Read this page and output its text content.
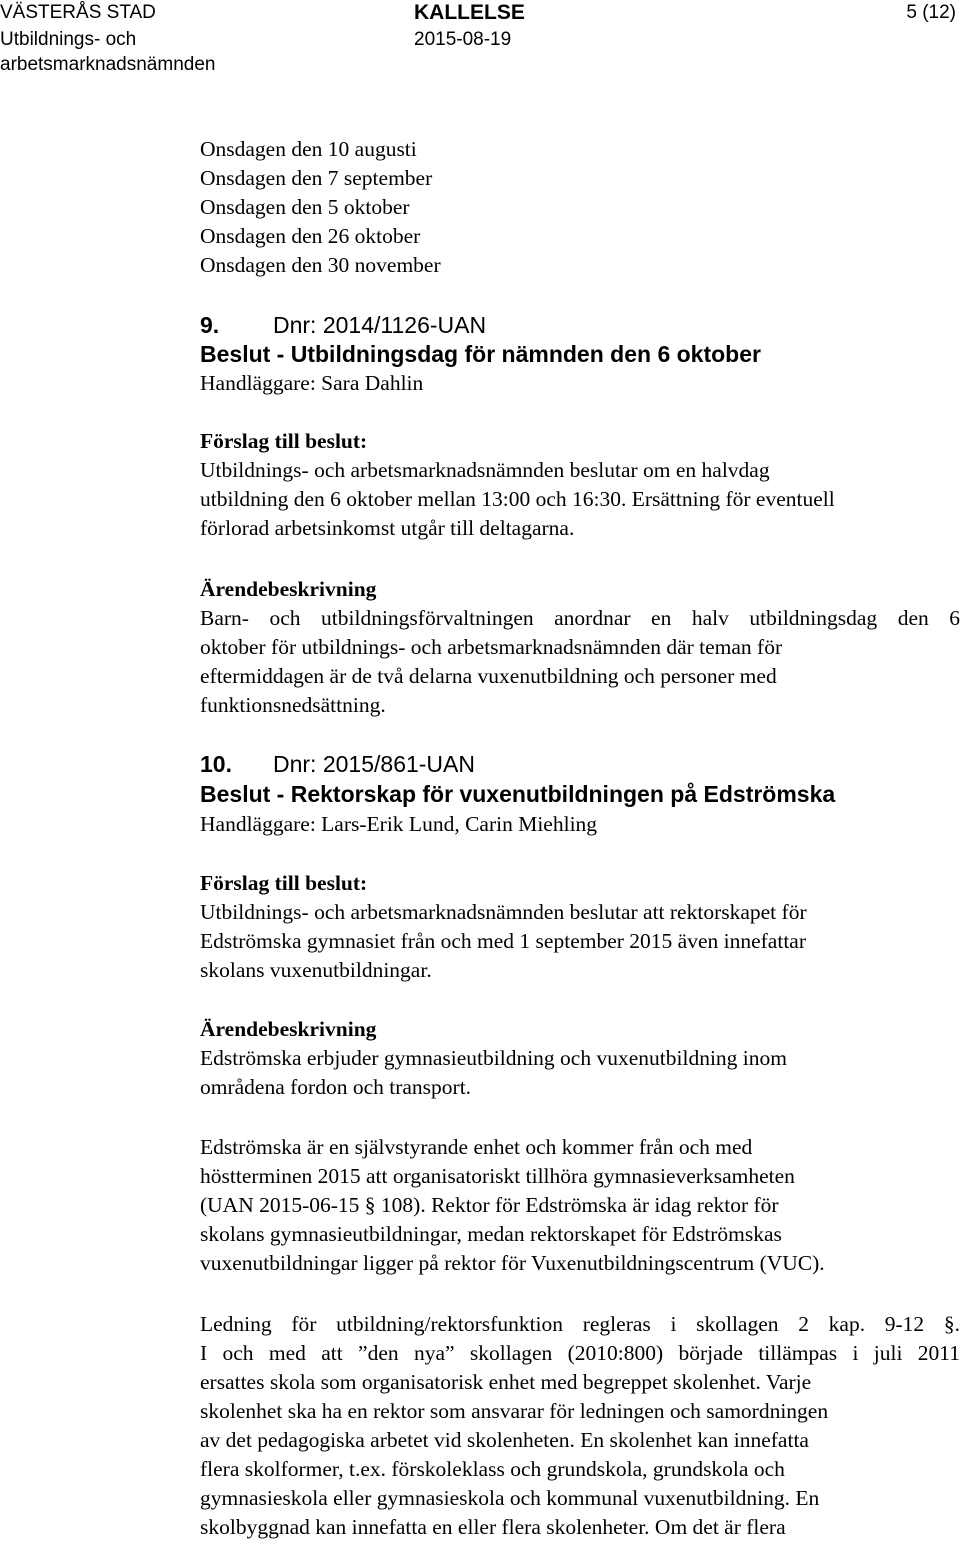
VÄSTERÅS STAD
Utbildnings- och
arbetsmarknadsnämnden
KALLELSE
2015-08-19
5 (12)
Onsdagen den 10 augusti
Onsdagen den 7 september
Onsdagen den 5 oktober
Onsdagen den 26 oktober
Onsdagen den 30 november
9. Dnr: 2014/1126-UAN
Beslut - Utbildningsdag för nämnden den 6 oktober
Handläggare: Sara Dahlin
Förslag till beslut:
Utbildnings- och arbetsmarknadsnämnden beslutar om en halvdag
utbildning den 6 oktober mellan 13:00 och 16:30. Ersättning för eventuell
förlorad arbetsinkomst utgår till deltagarna.
Ärendebeskrivning
Barn- och utbildningsförvaltningen anordnar en halv utbildningsdag den 6
oktober för utbildnings- och arbetsmarknadsnämnden där teman för
eftermiddagen är de två delarna vuxenutbildning och personer med
funktionsnedsättning.
10. Dnr: 2015/861-UAN
Beslut - Rektorskap för vuxenutbildningen på Edströmska
Handläggare: Lars-Erik Lund, Carin Miehling
Förslag till beslut:
Utbildnings- och arbetsmarknadsnämnden beslutar att rektorskapet för
Edströmska gymnasiet från och med 1 september 2015 även innefattar
skolans vuxenutbildningar.
Ärendebeskrivning
Edströmska erbjuder gymnasieutbildning och vuxenutbildning inom
områdena fordon och transport.
Edströmska är en självstyrande enhet och kommer från och med
höstterminen 2015 att organisatoriskt tillhöra gymnasieverksamheten
(UAN 2015-06-15 § 108). Rektor för Edströmska är idag rektor för
skolans gymnasieutbildningar, medan rektorskapet för Edströmskas
vuxenutbildningar ligger på rektor för Vuxenutbildningscentrum (VUC).
Ledning för utbildning/rektorsfunktion regleras i skollagen 2 kap. 9-12 §.
I och med att ”den nya” skollagen (2010:800) började tillämpas i juli 2011
ersattes skola som organisatorisk enhet med begreppet skolenhet. Varje
skolenhet ska ha en rektor som ansvarar för ledningen och samordningen
av det pedagogiska arbetet vid skolenheten. En skolenhet kan innefatta
flera skolformer, t.ex. förskoleklass och grundskola, grundskola och
gymnasieskola eller gymnasieskola och kommunal vuxenutbildning. En
skolbyggnad kan innefatta en eller flera skolenheter. Om det är flera
